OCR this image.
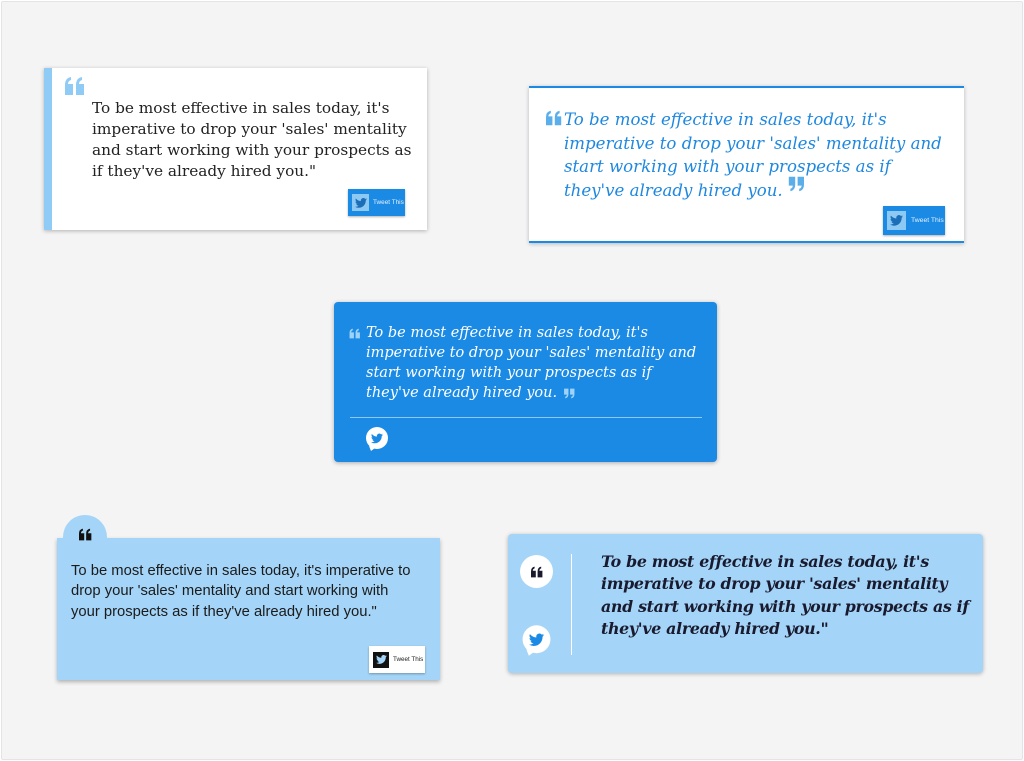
To be most effective in sales today, it's imperative to drop your 'sales' mentality and start working with your prospects as if they've already hired you."

Tweet This

To be most effective in sales today, it's imperative to drop your 'sales' mentality and start working with your prospects as if they've already hired you.

Tweet This

To be most effective in sales today, it's imperative to drop your 'sales' mentality and start working with your prospects as if they've already hired you.

To be most effective in sales today, it's imperative to drop your 'sales' mentality and start working with your prospects as if they've already hired you."

Tweet This

To be most effective in sales today, it's imperative to drop your 'sales' mentality and start working with your prospects as if they've already hired you."
